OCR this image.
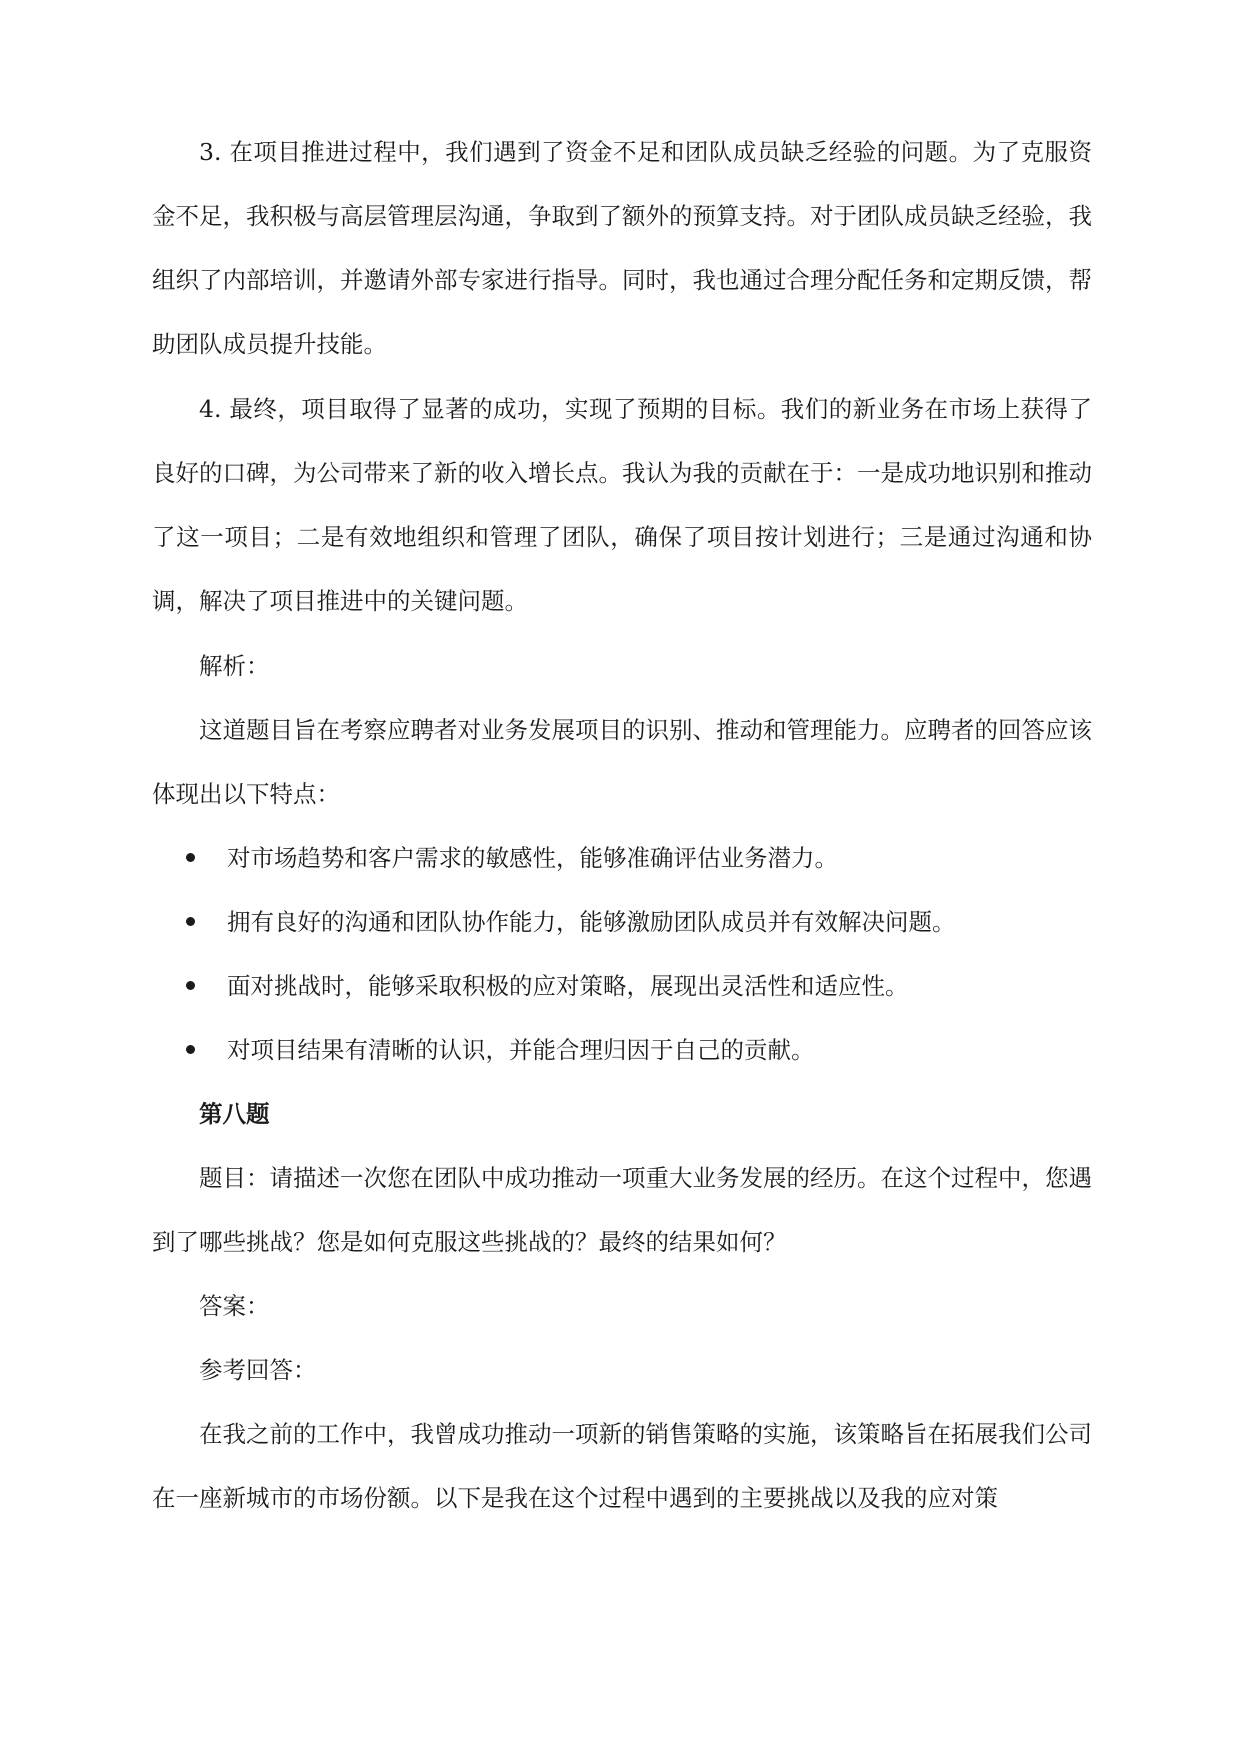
3. 在项目推进过程中，我们遇到了资金不足和团队成员缺乏经验的问题。为了克服资金不足，我积极与高层管理层沟通，争取到了额外的预算支持。对于团队成员缺乏经验，我组织了内部培训，并邀请外部专家进行指导。同时，我也通过合理分配任务和定期反馈，帮助团队成员提升技能。

4. 最终，项目取得了显著的成功，实现了预期的目标。我们的新业务在市场上获得了良好的口碑，为公司带来了新的收入增长点。我认为我的贡献在于：一是成功地识别和推动了这一项目；二是有效地组织和管理了团队，确保了项目按计划进行；三是通过沟通和协调，解决了项目推进中的关键问题。

解析：

这道题目旨在考察应聘者对业务发展项目的识别、推动和管理能力。应聘者的回答应该体现出以下特点：

对市场趋势和客户需求的敏感性，能够准确评估业务潜力。
拥有良好的沟通和团队协作能力，能够激励团队成员并有效解决问题。
面对挑战时，能够采取积极的应对策略，展现出灵活性和适应性。
对项目结果有清晰的认识，并能合理归因于自己的贡献。

第八题

题目：请描述一次您在团队中成功推动一项重大业务发展的经历。在这个过程中，您遇到了哪些挑战？您是如何克服这些挑战的？最终的结果如何？

答案：

参考回答：

在我之前的工作中，我曾成功推动一项新的销售策略的实施，该策略旨在拓展我们公司在一座新城市的市场份额。以下是我在这个过程中遇到的主要挑战以及我的应对策
